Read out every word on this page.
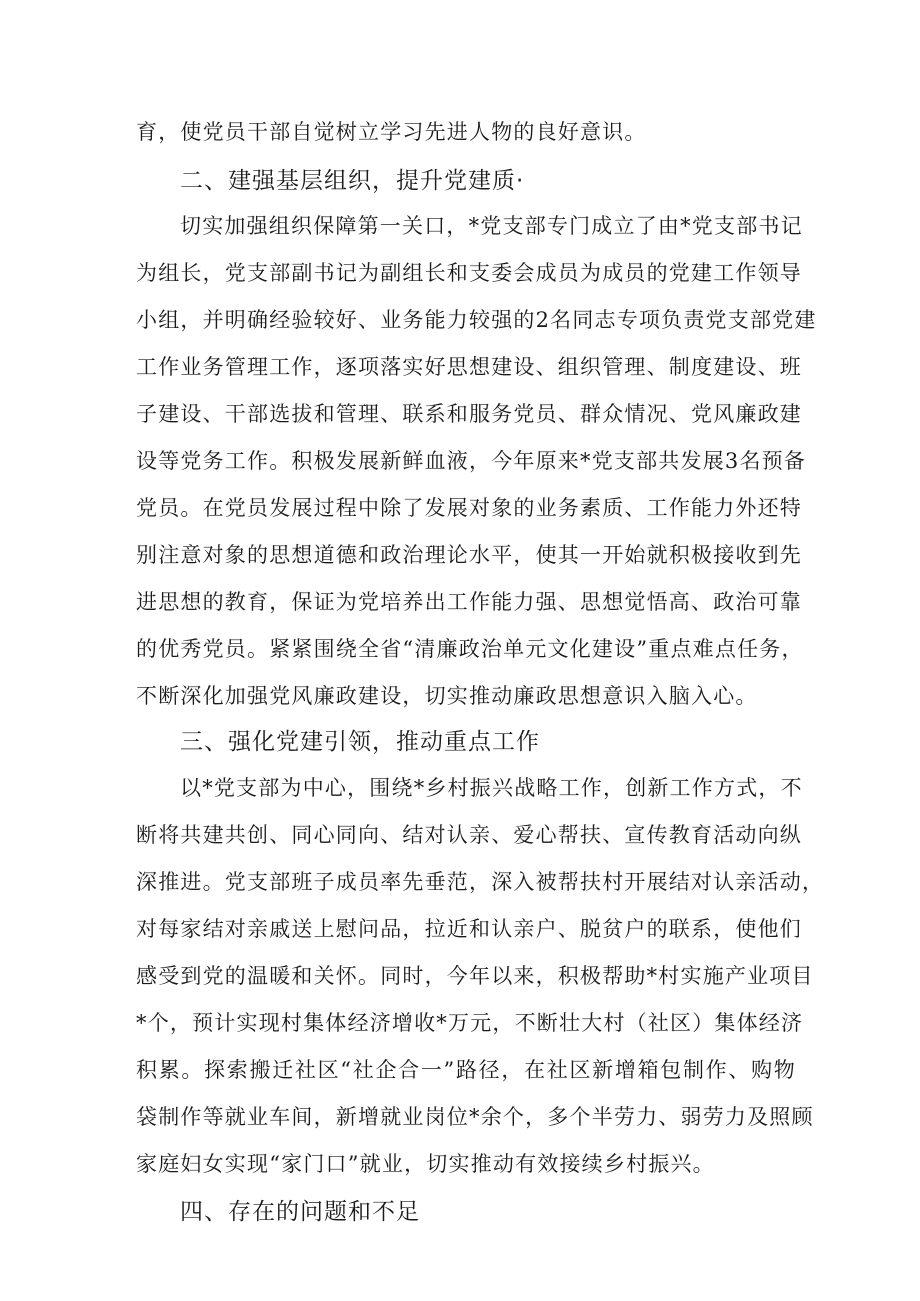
育，使党员干部自觉树立学习先进人物的良好意识。
二、建强基层组织，提升党建质·
切实加强组织保障第一关口，*党支部专门成立了由*党支部书记
为组长，党支部副书记为副组长和支委会成员为成员的党建工作领导
小组，并明确经验较好、业务能力较强的2名同志专项负责党支部党建
工作业务管理工作，逐项落实好思想建设、组织管理、制度建设、班
子建设、干部选拔和管理、联系和服务党员、群众情况、党风廉政建
设等党务工作。积极发展新鲜血液，今年原来*党支部共发展3名预备
党员。在党员发展过程中除了发展对象的业务素质、工作能力外还特
别注意对象的思想道德和政治理论水平，使其一开始就积极接收到先
进思想的教育，保证为党培养出工作能力强、思想觉悟高、政治可靠
的优秀党员。紧紧围绕全省“清廉政治单元文化建设”重点难点任务，
不断深化加强党风廉政建设，切实推动廉政思想意识入脑入心。
三、强化党建引领，推动重点工作
以*党支部为中心，围绕*乡村振兴战略工作，创新工作方式，不
断将共建共创、同心同向、结对认亲、爱心帮扶、宣传教育活动向纵
深推进。党支部班子成员率先垂范，深入被帮扶村开展结对认亲活动，
对每家结对亲戚送上慰问品，拉近和认亲户、脱贫户的联系，使他们
感受到党的温暖和关怀。同时，今年以来，积极帮助*村实施产业项目
*个，预计实现村集体经济增收*万元，不断壮大村（社区）集体经济
积累。探索搬迁社区“社企合一”路径，在社区新增箱包制作、购物
袋制作等就业车间，新增就业岗位*余个，多个半劳力、弱劳力及照顾
家庭妇女实现“家门口”就业，切实推动有效接续乡村振兴。
四、存在的问题和不足
